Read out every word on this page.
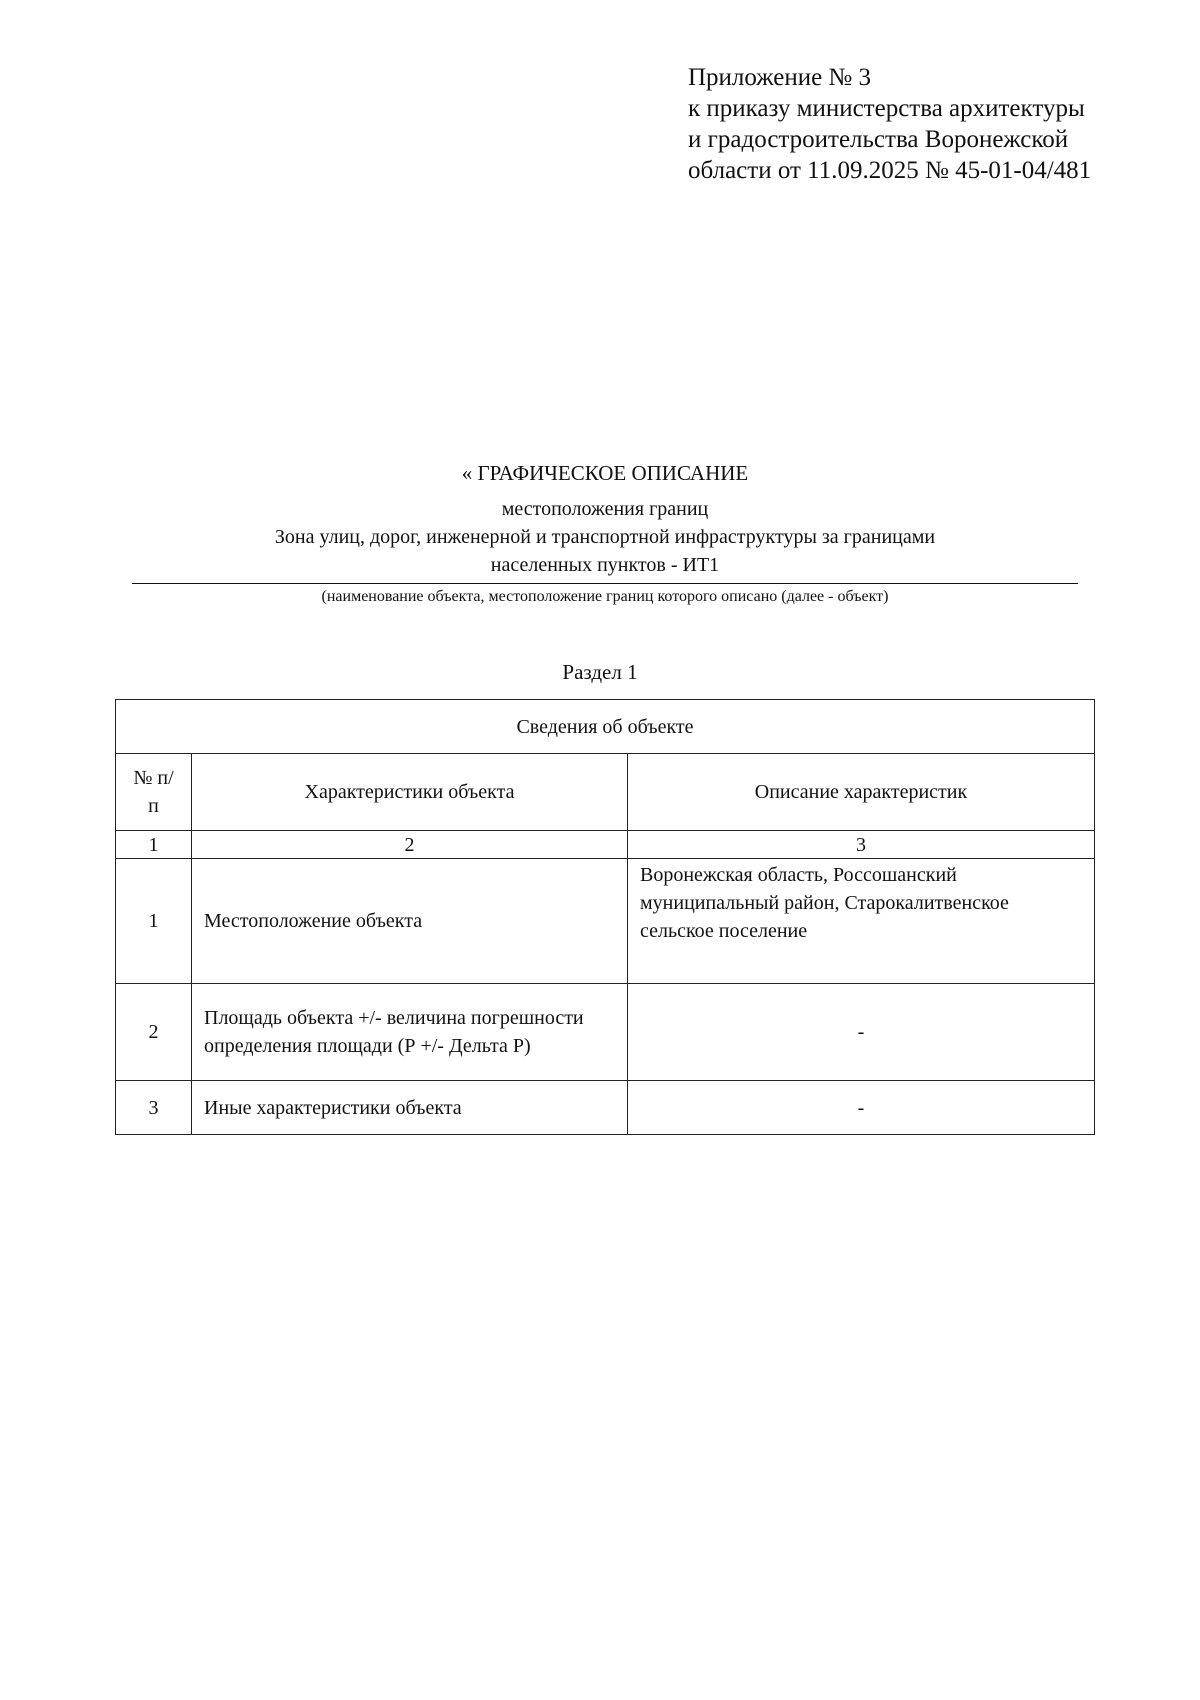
Приложение № 3
к приказу министерства архитектуры
и градостроительства Воронежской
области от 11.09.2025 № 45-01-04/481
« ГРАФИЧЕСКОЕ ОПИСАНИЕ
местоположения границ
Зона улиц, дорог, инженерной и транспортной инфраструктуры за границами
населенных пунктов - ИТ1
(наименование объекта, местоположение границ которого описано (далее - объект)
Раздел 1
Сведения об объекте		
№ п/п	Характеристики объекта	Описание характеристик
1	2	3
1	Местоположение объекта	Воронежская область, Россошанский муниципальный район, Старокалитвенское сельское поселение
2	Площадь объекта +/- величина погрешности определения площади (Р +/- Дельта Р)	-
3	Иные характеристики объекта	-
